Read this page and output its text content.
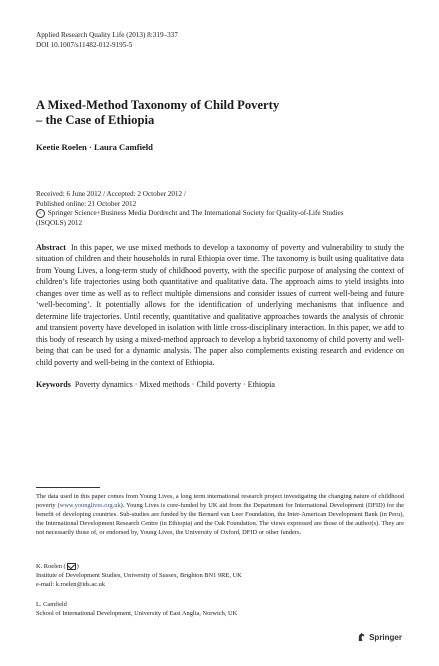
Applied Research Quality Life (2013) 8:319–337
DOI 10.1007/s11482-012-9195-5
A Mixed-Method Taxonomy of Child Poverty
– the Case of Ethiopia
Keetie Roelen · Laura Camfield
Received: 6 June 2012 / Accepted: 2 October 2012 /
Published online: 21 October 2012
c Springer Science+Business Media Dordrecht and The International Society for Quality-of-Life Studies
(ISQOLS) 2012
Abstract In this paper, we use mixed methods to develop a taxonomy of poverty and vulnerability to study the situation of children and their households in rural Ethiopia over time. The taxonomy is built using qualitative data from Young Lives, a long-term study of childhood poverty, with the specific purpose of analysing the context of children’s life trajectories using both quantitative and qualitative data. The approach aims to yield insights into changes over time as well as to reflect multiple dimensions and consider issues of current well-being and future ‘well-becoming’. It potentially allows for the identification of underlying mechanisms that influence and determine life trajectories. Until recently, quantitative and qualitative approaches towards the analysis of chronic and transient poverty have developed in isolation with little cross-disciplinary interaction. In this paper, we add to this body of research by using a mixed-method approach to develop a hybrid taxonomy of child poverty and well-being that can be used for a dynamic analysis. The paper also complements existing research and evidence on child poverty and well-being in the context of Ethiopia.
Keywords Poverty dynamics · Mixed methods · Child poverty · Ethiopia
The data used in this paper comes from Young Lives, a long term international research project investigating the changing nature of childhood poverty (www.younglives.org.uk). Young Lives is core-funded by UK aid from the Department for International Development (DFID) for the benefit of developing countries. Sub-studies are funded by the Bernard van Leer Foundation, the Inter-American Development Bank (in Peru), the International Development Research Centre (in Ethiopia) and the Oak Foundation. The views expressed are those of the author(s). They are not necessarily those of, or endorsed by, Young Lives, the University of Oxford, DFID or other funders.
K. Roelen ( )
Institute of Development Studies, University of Sussex, Brighton BN1 9RE, UK
e-mail: k.roelen@ids.ac.uk
L. Camfield
School of International Development, University of East Anglia, Norwich, UK
Springer
